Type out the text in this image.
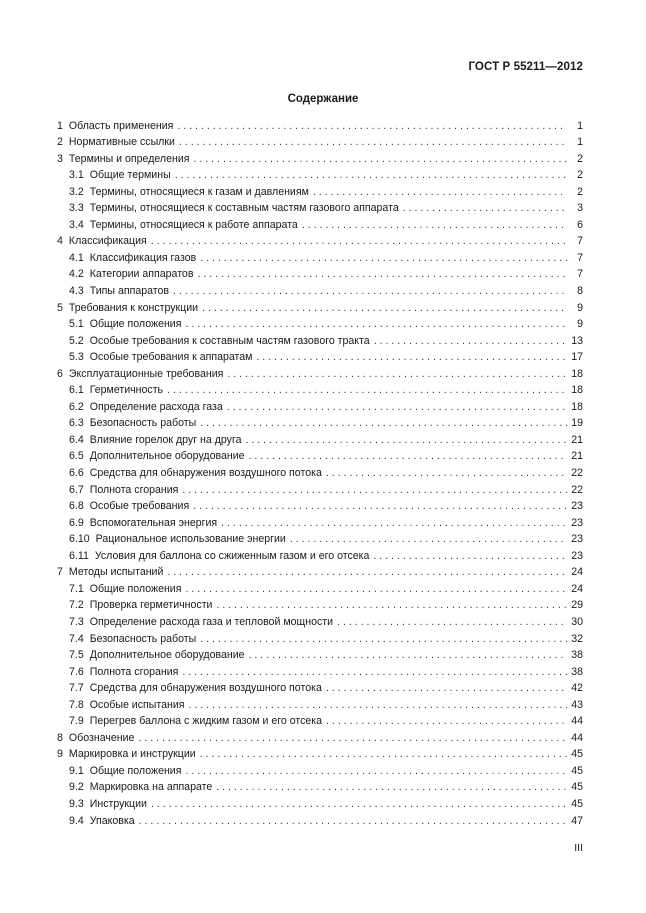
ГОСТ Р 55211—2012
Содержание
1 Область применения . . .	1
2 Нормативные ссылки . . .	1
3 Термины и определения . . .	2
3.1 Общие термины . . .	2
3.2 Термины, относящиеся к газам и давлениям . . .	2
3.3 Термины, относящиеся к составным частям газового аппарата . . .	3
3.4 Термины, относящиеся к работе аппарата . . .	6
4 Классификация . . .	7
4.1 Классификация газов . . .	7
4.2 Категории аппаратов . . .	7
4.3 Типы аппаратов . . .	8
5 Требования к конструкции . . .	9
5.1 Общие положения . . .	9
5.2 Особые требования к составным частям газового тракта . . .	13
5.3 Особые требования к аппаратам . . .	17
6 Эксплуатационные требования . . .	18
6.1 Герметичность . . .	18
6.2 Определение расхода газа . . .	18
6.3 Безопасность работы . . .	19
6.4 Влияние горелок друг на друга . . .	21
6.5 Дополнительное оборудование . . .	21
6.6 Средства для обнаружения воздушного потока . . .	22
6.7 Полнота сгорания . . .	22
6.8 Особые требования . . .	23
6.9 Вспомогательная энергия . . .	23
6.10 Рациональное использование энергии . . .	23
6.11 Условия для баллона со сжиженным газом и его отсека . . .	23
7 Методы испытаний . . .	24
7.1 Общие положения . . .	24
7.2 Проверка герметичности . . .	29
7.3 Определение расхода газа и тепловой мощности . . .	30
7.4 Безопасность работы . . .	32
7.5 Дополнительное оборудование . . .	38
7.6 Полнота сгорания . . .	38
7.7 Средства для обнаружения воздушного потока . . .	42
7.8 Особые испытания . . .	43
7.9 Перегрев баллона с жидким газом и его отсека . . .	44
8 Обозначение . . .	44
9 Маркировка и инструкции . . .	45
9.1 Общие положения . . .	45
9.2 Маркировка на аппарате . . .	45
9.3 Инструкции . . .	45
9.4 Упаковка . . .	47
III
